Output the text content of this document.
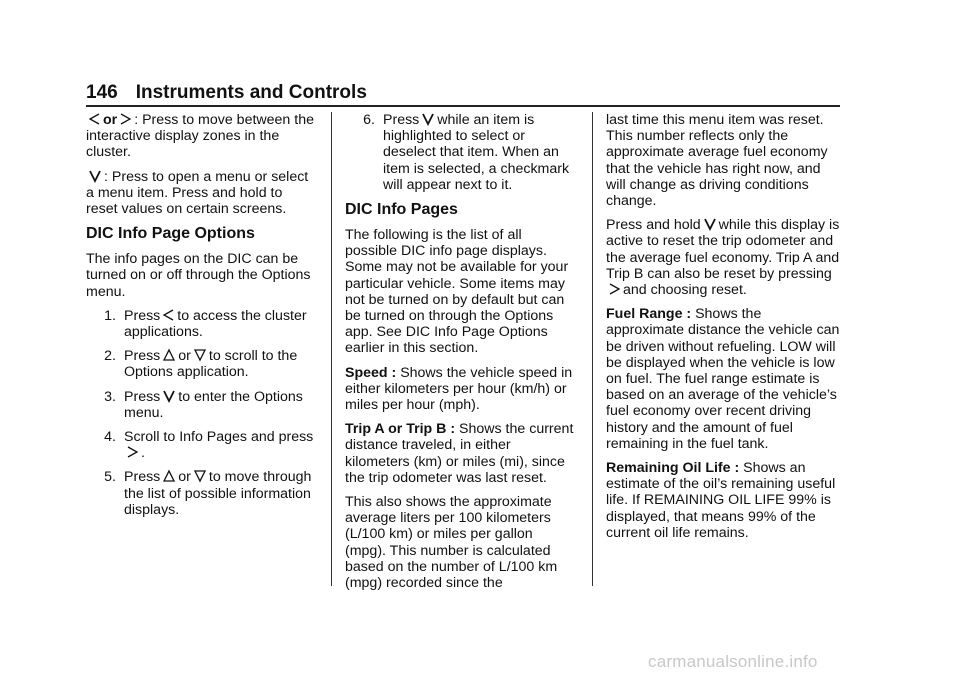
146 Instruments and Controls

or : Press to move between the interactive display zones in the cluster.

: Press to open a menu or select a menu item. Press and hold to reset values on certain screens.

DIC Info Page Options

The info pages on the DIC can be turned on or off through the Options menu.

1. Press to access the cluster applications.
2. Press or to scroll to the Options application.
3. Press to enter the Options menu.
4. Scroll to Info Pages and press
.
5. Press or to move through the list of possible information displays.
6. Press while an item is highlighted to select or deselect that item. When an item is selected, a checkmark will appear next to it.
DIC Info Pages

The following is the list of all possible DIC info page displays. Some may not be available for your particular vehicle. Some items may not be turned on by default but can be turned on through the Options app. See DIC Info Page Options earlier in this section.

Speed : Shows the vehicle speed in either kilometers per hour (km/h) or miles per hour (mph).

Trip A or Trip B : Shows the current distance traveled, in either kilometers (km) or miles (mi), since the trip odometer was last reset.

This also shows the approximate average liters per 100 kilometers (L/100 km) or miles per gallon (mpg). This number is calculated based on the number of L/100 km (mpg) recorded since the

last time this menu item was reset. This number reflects only the approximate average fuel economy that the vehicle has right now, and will change as driving conditions change.

Press and hold while this display is active to reset the trip odometer and the average fuel economy. Trip A and Trip B can also be reset by pressing
and choosing reset.

Fuel Range : Shows the approximate distance the vehicle can be driven without refueling. LOW will be displayed when the vehicle is low on fuel. The fuel range estimate is based on an average of the vehicle’s fuel economy over recent driving history and the amount of fuel remaining in the fuel tank.

Remaining Oil Life : Shows an estimate of the oil’s remaining useful life. If REMAINING OIL LIFE 99% is displayed, that means 99% of the current oil life remains.

carmanualsonline.info
